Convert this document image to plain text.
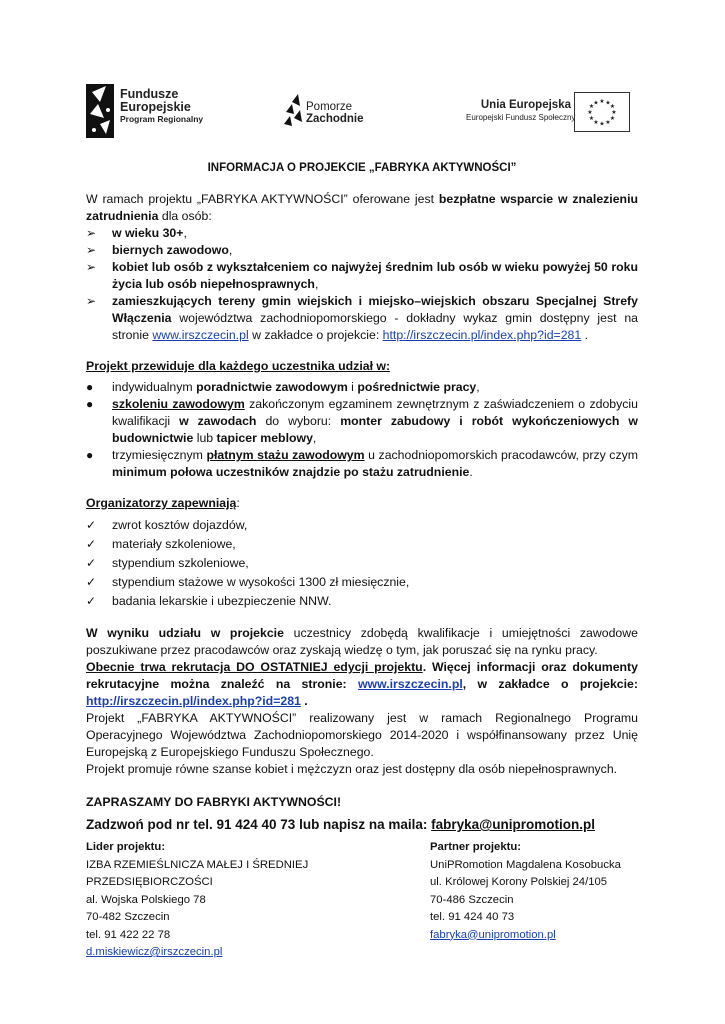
Fundusze
Europejskie
Program Regionalny
Pomorze
Zachodnie
Unia Europejska
Europejski Fundusz Społeczny
★ ★ ★
★
★
★
★
★
★
★
★ ★
INFORMACJA O PROJEKCIE „FABRYKA AKTYWNOŚCI”

W ramach projektu „FABRYKA AKTYWNOŚCI” oferowane jest bezpłatne wsparcie w znalezieniu zatrudnienia dla osób:

➢	w wieku 30+,
➢	biernych zawodowo,
➢	kobiet lub osób z wykształceniem co najwyżej średnim lub osób w wieku powyżej 50 roku życia lub osób niepełnosprawnych,
➢	zamieszkujących tereny gmin wiejskich i miejsko–wiejskich obszaru Specjalnej Strefy Włączenia województwa zachodniopomorskiego - dokładny wykaz gmin dostępny jest na stronie www.irszczecin.pl w zakładce o projekcie: http://irszczecin.pl/index.php?id=281 .
Projekt przewiduje dla każdego uczestnika udział w:
●	indywidualnym poradnictwie zawodowym i pośrednictwie pracy,
●	szkoleniu zawodowym zakończonym egzaminem zewnętrznym z zaświadczeniem o zdobyciu kwalifikacji w zawodach do wyboru: monter zabudowy i robót wykończeniowych w budownictwie lub tapicer meblowy,
●	trzymiesięcznym płatnym stażu zawodowym u zachodniopomorskich pracodawców, przy czym minimum połowa uczestników znajdzie po stażu zatrudnienie.
Organizatorzy zapewniają:
✓	zwrot kosztów dojazdów,
✓	materiały szkoleniowe,
✓	stypendium szkoleniowe,
✓	stypendium stażowe w wysokości 1300 zł miesięcznie,
✓	badania lekarskie i ubezpieczenie NNW.

W wyniku udziału w projekcie uczestnicy zdobędą kwalifikacje i umiejętności zawodowe poszukiwane przez pracodawców oraz zyskają wiedzę o tym, jak poruszać się na rynku pracy.

Obecnie trwa rekrutacja DO OSTATNIEJ edycji projektu. Więcej informacji oraz dokumenty rekrutacyjne można znaleźć na stronie: www.irszczecin.pl, w zakładce o projekcie: http://irszczecin.pl/index.php?id=281 .

Projekt „FABRYKA AKTYWNOŚCI” realizowany jest w ramach Regionalnego Programu Operacyjnego Województwa Zachodniopomorskiego 2014-2020 i współfinansowany przez Unię Europejską z Europejskiego Funduszu Społecznego.

Projekt promuje równe szanse kobiet i mężczyzn oraz jest dostępny dla osób niepełnosprawnych.

ZAPRASZAMY DO FABRYKI AKTYWNOŚCI!
Zadzwoń pod nr tel. 91 424 40 73 lub napisz na maila: fabryka@unipromotion.pl
Lider projektu:
IZBA RZEMIEŚLNICZA MAŁEJ I ŚREDNIEJ PRZEDSIĘBIORCZOŚCI
al. Wojska Polskiego 78
70-482 Szczecin
tel. 91 422 22 78
d.miskiewicz@irszczecin.pl
Partner projektu:
UniPRomotion Magdalena Kosobucka
ul. Królowej Korony Polskiej 24/105
70-486 Szczecin
tel. 91 424 40 73
fabryka@unipromotion.pl
